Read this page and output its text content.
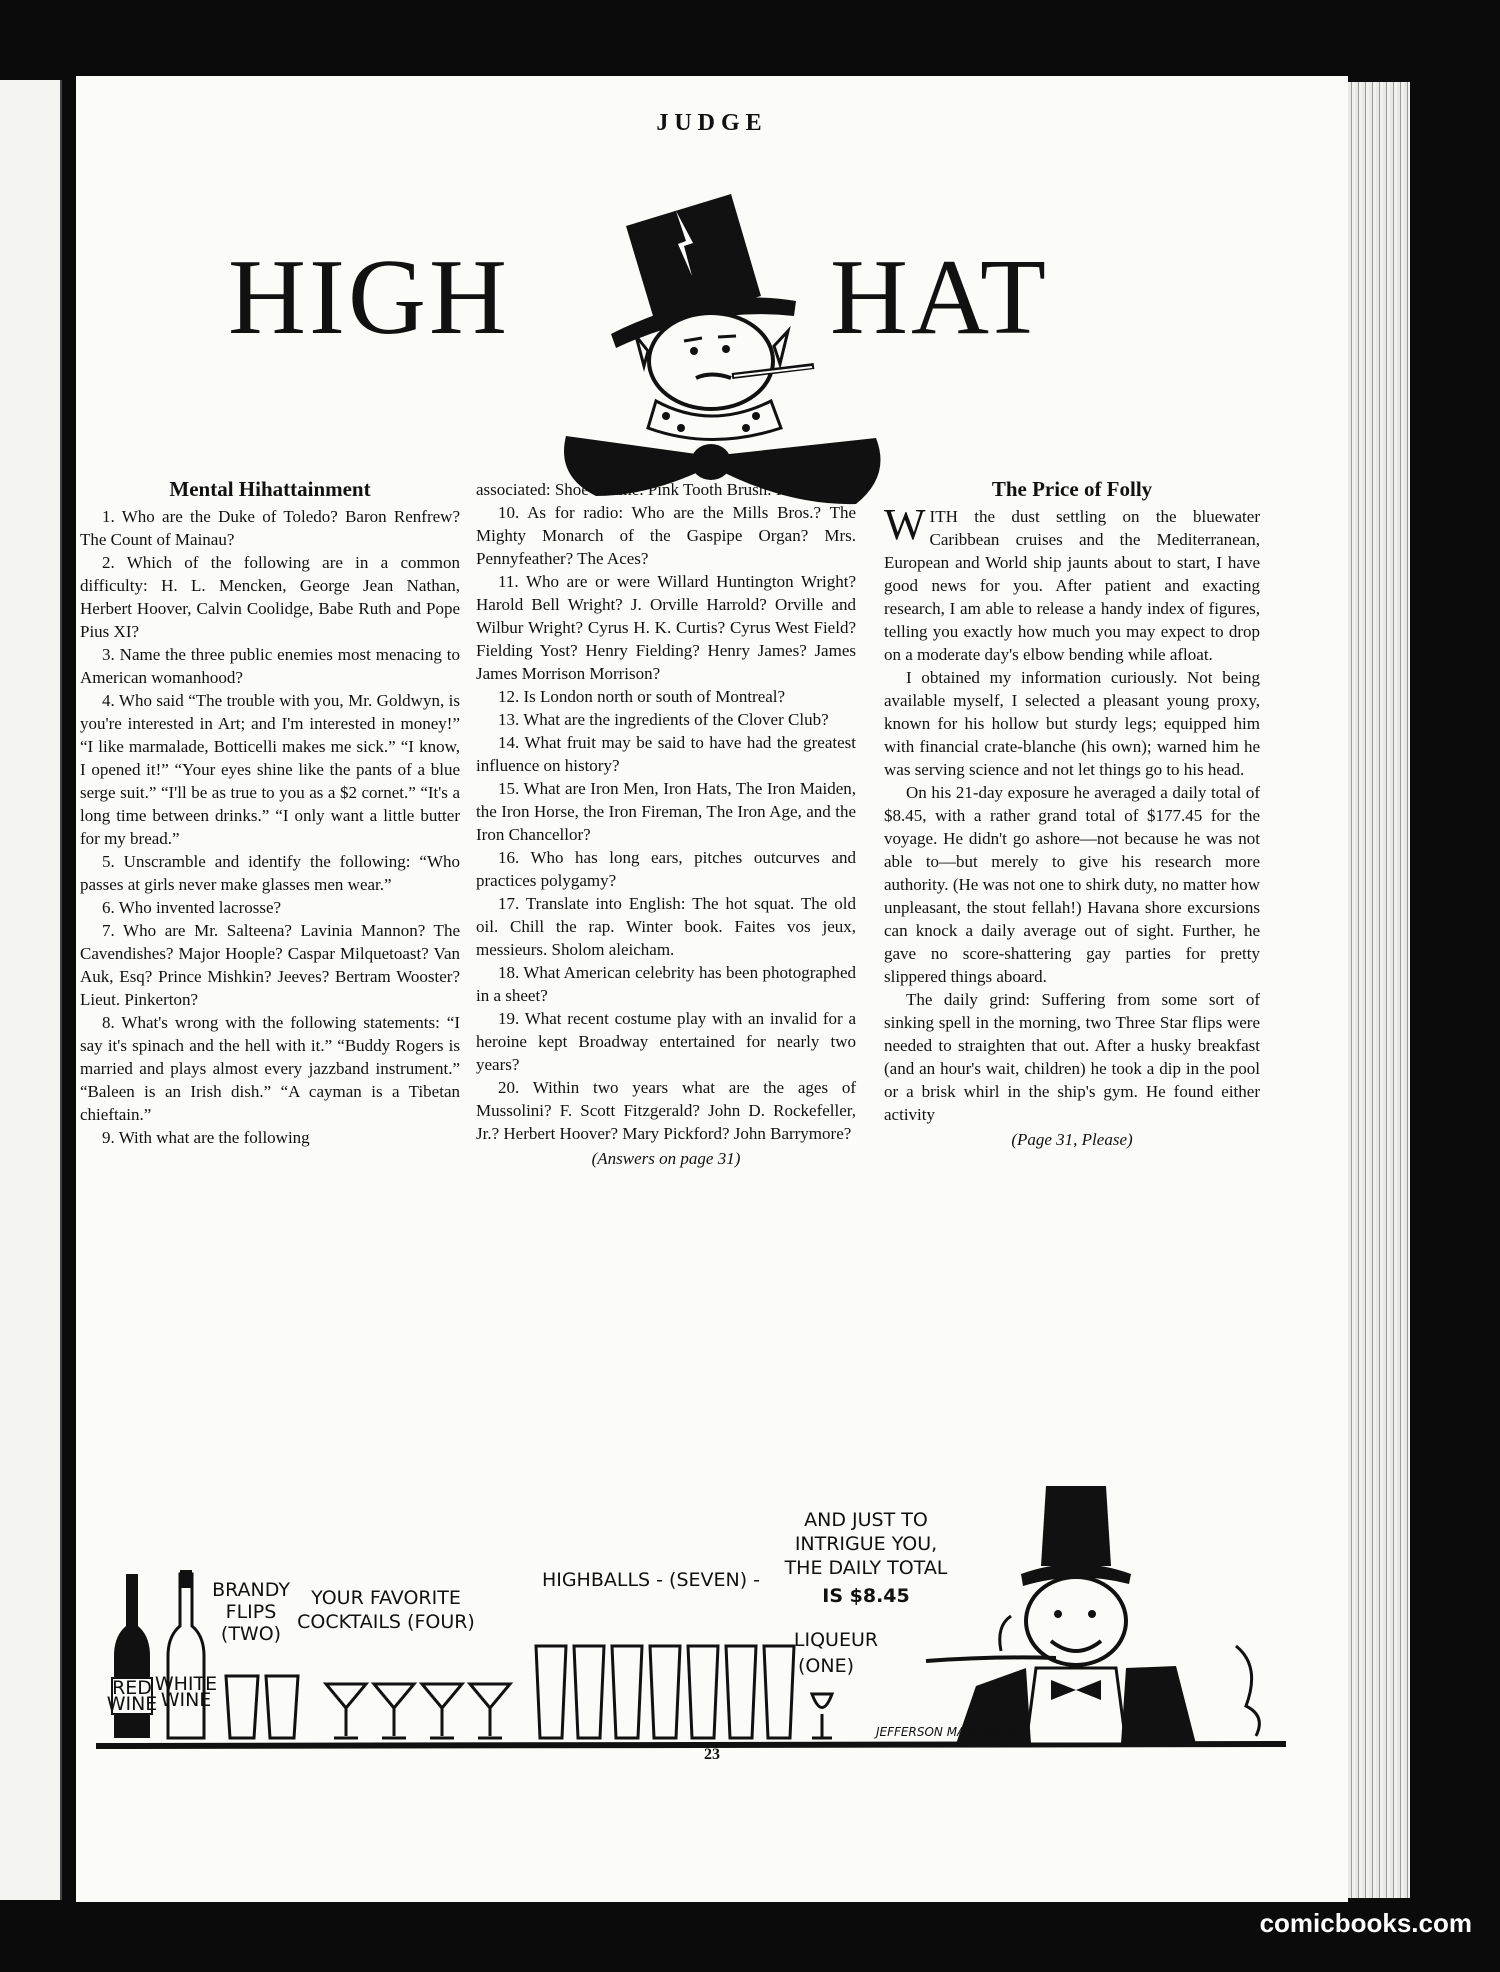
JUDGE
HIGH	HAT
Mental Hihattainment

1. Who are the Duke of Toledo? Baron Renfrew? The Count of Mainau?

2. Which of the following are in a common difficulty: H. L. Mencken, George Jean Nathan, Herbert Hoover, Calvin Coolidge, Babe Ruth and Pope Pius XI?

3. Name the three public enemies most menacing to American womanhood?

4. Who said “The trouble with you, Mr. Goldwyn, is you're interested in Art; and I'm interested in money!” “I like marmalade, Botticelli makes me sick.” “I know, I opened it!” “Your eyes shine like the pants of a blue serge suit.” “I'll be as true to you as a $2 cornet.” “It's a long time between drinks.” “I only want a little butter for my bread.”

5. Unscramble and identify the following: “Who passes at girls never make glasses men wear.”

6. Who invented lacrosse?

7. Who are Mr. Salteena? Lavinia Mannon? The Cavendishes? Major Hoople? Caspar Milquetoast? Van Auk, Esq? Prince Mishkin? Jeeves? Bertram Wooster? Lieut. Pinkerton?

8. What's wrong with the following statements: “I say it's spinach and the hell with it.” “Buddy Rogers is married and plays almost every jazzband instrument.” “Baleen is an Irish dish.” “A cayman is a Tibetan chieftain.”

9. With what are the following

associated: Shoe Shame. Pink Tooth Brush. If?

10. As for radio: Who are the Mills Bros.? The Mighty Monarch of the Gaspipe Organ? Mrs. Pennyfeather? The Aces?

11. Who are or were Willard Huntington Wright? Harold Bell Wright? J. Orville Harrold? Orville and Wilbur Wright? Cyrus H. K. Curtis? Cyrus West Field? Fielding Yost? Henry Fielding? Henry James? James James Morrison Morrison?

12. Is London north or south of Montreal?

13. What are the ingredients of the Clover Club?

14. What fruit may be said to have had the greatest influence on history?

15. What are Iron Men, Iron Hats, The Iron Maiden, the Iron Horse, the Iron Fireman, The Iron Age, and the Iron Chancellor?

16. Who has long ears, pitches outcurves and practices polygamy?

17. Translate into English: The hot squat. The old oil. Chill the rap. Winter book. Faites vos jeux, messieurs. Sholom aleicham.

18. What American celebrity has been photographed in a sheet?

19. What recent costume play with an invalid for a heroine kept Broadway entertained for nearly two years?

20. Within two years what are the ages of Mussolini? F. Scott Fitzgerald? John D. Rockefeller, Jr.? Herbert Hoover? Mary Pickford? John Barrymore?

(Answers on page 31)
The Price of Folly

WITH the dust settling on the bluewater Caribbean cruises and the Mediterranean, European and World ship jaunts about to start, I have good news for you. After patient and exacting research, I am able to release a handy index of figures, telling you exactly how much you may expect to drop on a moderate day's elbow bending while afloat.

I obtained my information curiously. Not being available myself, I selected a pleasant young proxy, known for his hollow but sturdy legs; equipped him with financial crate-blanche (his own); warned him he was serving science and not let things go to his head.

On his 21-day exposure he averaged a daily total of $8.45, with a rather grand total of $177.45 for the voyage. He didn't go ashore—not because he was not able to—but merely to give his research more authority. (He was not one to shirk duty, no matter how unpleasant, the stout fellah!) Havana shore excursions can knock a daily average out of sight. Further, he gave no score-shattering gay parties for pretty slippered things aboard.

The daily grind: Suffering from some sort of sinking spell in the morning, two Three Star flips were needed to straighten that out. After a husky breakfast (and an hour's wait, children) he took a dip in the pool or a brisk whirl in the ship's gym. He found either activity

(Page 31, Please)
RED
WINE
WHITE
WINE
BRANDY
FLIPS
(TWO)
YOUR FAVORITE
COCKTAILS (FOUR)
HIGHBALLS - (SEVEN) -
LIQUEUR
(ONE)
AND JUST TO
INTRIGUE YOU,
THE DAILY TOTAL
IS $8.45
JEFFERSON MACHAMER
23
comicbooks.com
